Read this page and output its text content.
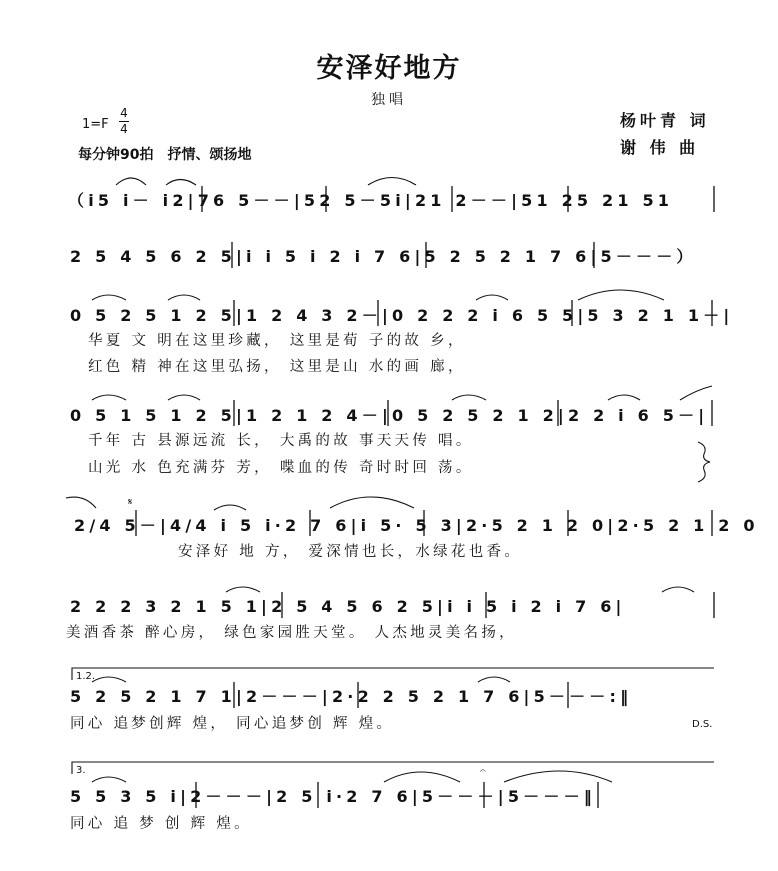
安泽好地方
独唱
1=F
4
4
每分钟90拍　抒情、颂扬地
杨叶青 词
谢 伟 曲
（i5 i－ i2|76 5－－|52 5－5i|21 2－－|51 25 21 51
2 5 4 5 6 2 5|i i 5 i 2 i 7 6|5 2 5 2 1 7 6|5－－－）
0 5 2 5 1 2 5|1 2 4 3 2－|0 2 2 2 i 6 5 5|5 3 2 1 1－|
华夏 文 明在这里珍藏， 这里是荀 子的故 乡，
红色 精 神在这里弘扬， 这里是山 水的画 廊，
0 5 1 5 1 2 5|1 2 1 2 4－|0 5 2 5 2 1 2|2 2 i 6 5－|
千年 古 县源远流 长， 大禹的故 事天天传 唱。
山光 水 色充满芬 芳， 喋血的传 奇时时回 荡。
2/4 5－|4/4 i 5 i·2 7 6|i 5· 5 3|2·5 2 1 2 0|2·5 2 1 2 0
安泽好 地 方， 爱深情也长，水绿花也香。
𝄋
2 2 2 3 2 1 5 1|2 5 4 5 6 2 5|i i 5 i 2 i 7 6|
美酒香茶 醉心房， 绿色家园胜天堂。 人杰地灵美名扬，
1.2.
5 2 5 2 1 7 1|2－－－|2·2 2 5 2 1 7 6|5－－－:‖
同心 追梦创辉 煌， 同心追梦创 辉 煌。	D.S.
3.
5 5 3 5 i|2－－－|2 5 i·2 7 6|5－－－|5－－－‖
同心 追 梦 创 辉 煌。
𝄐
